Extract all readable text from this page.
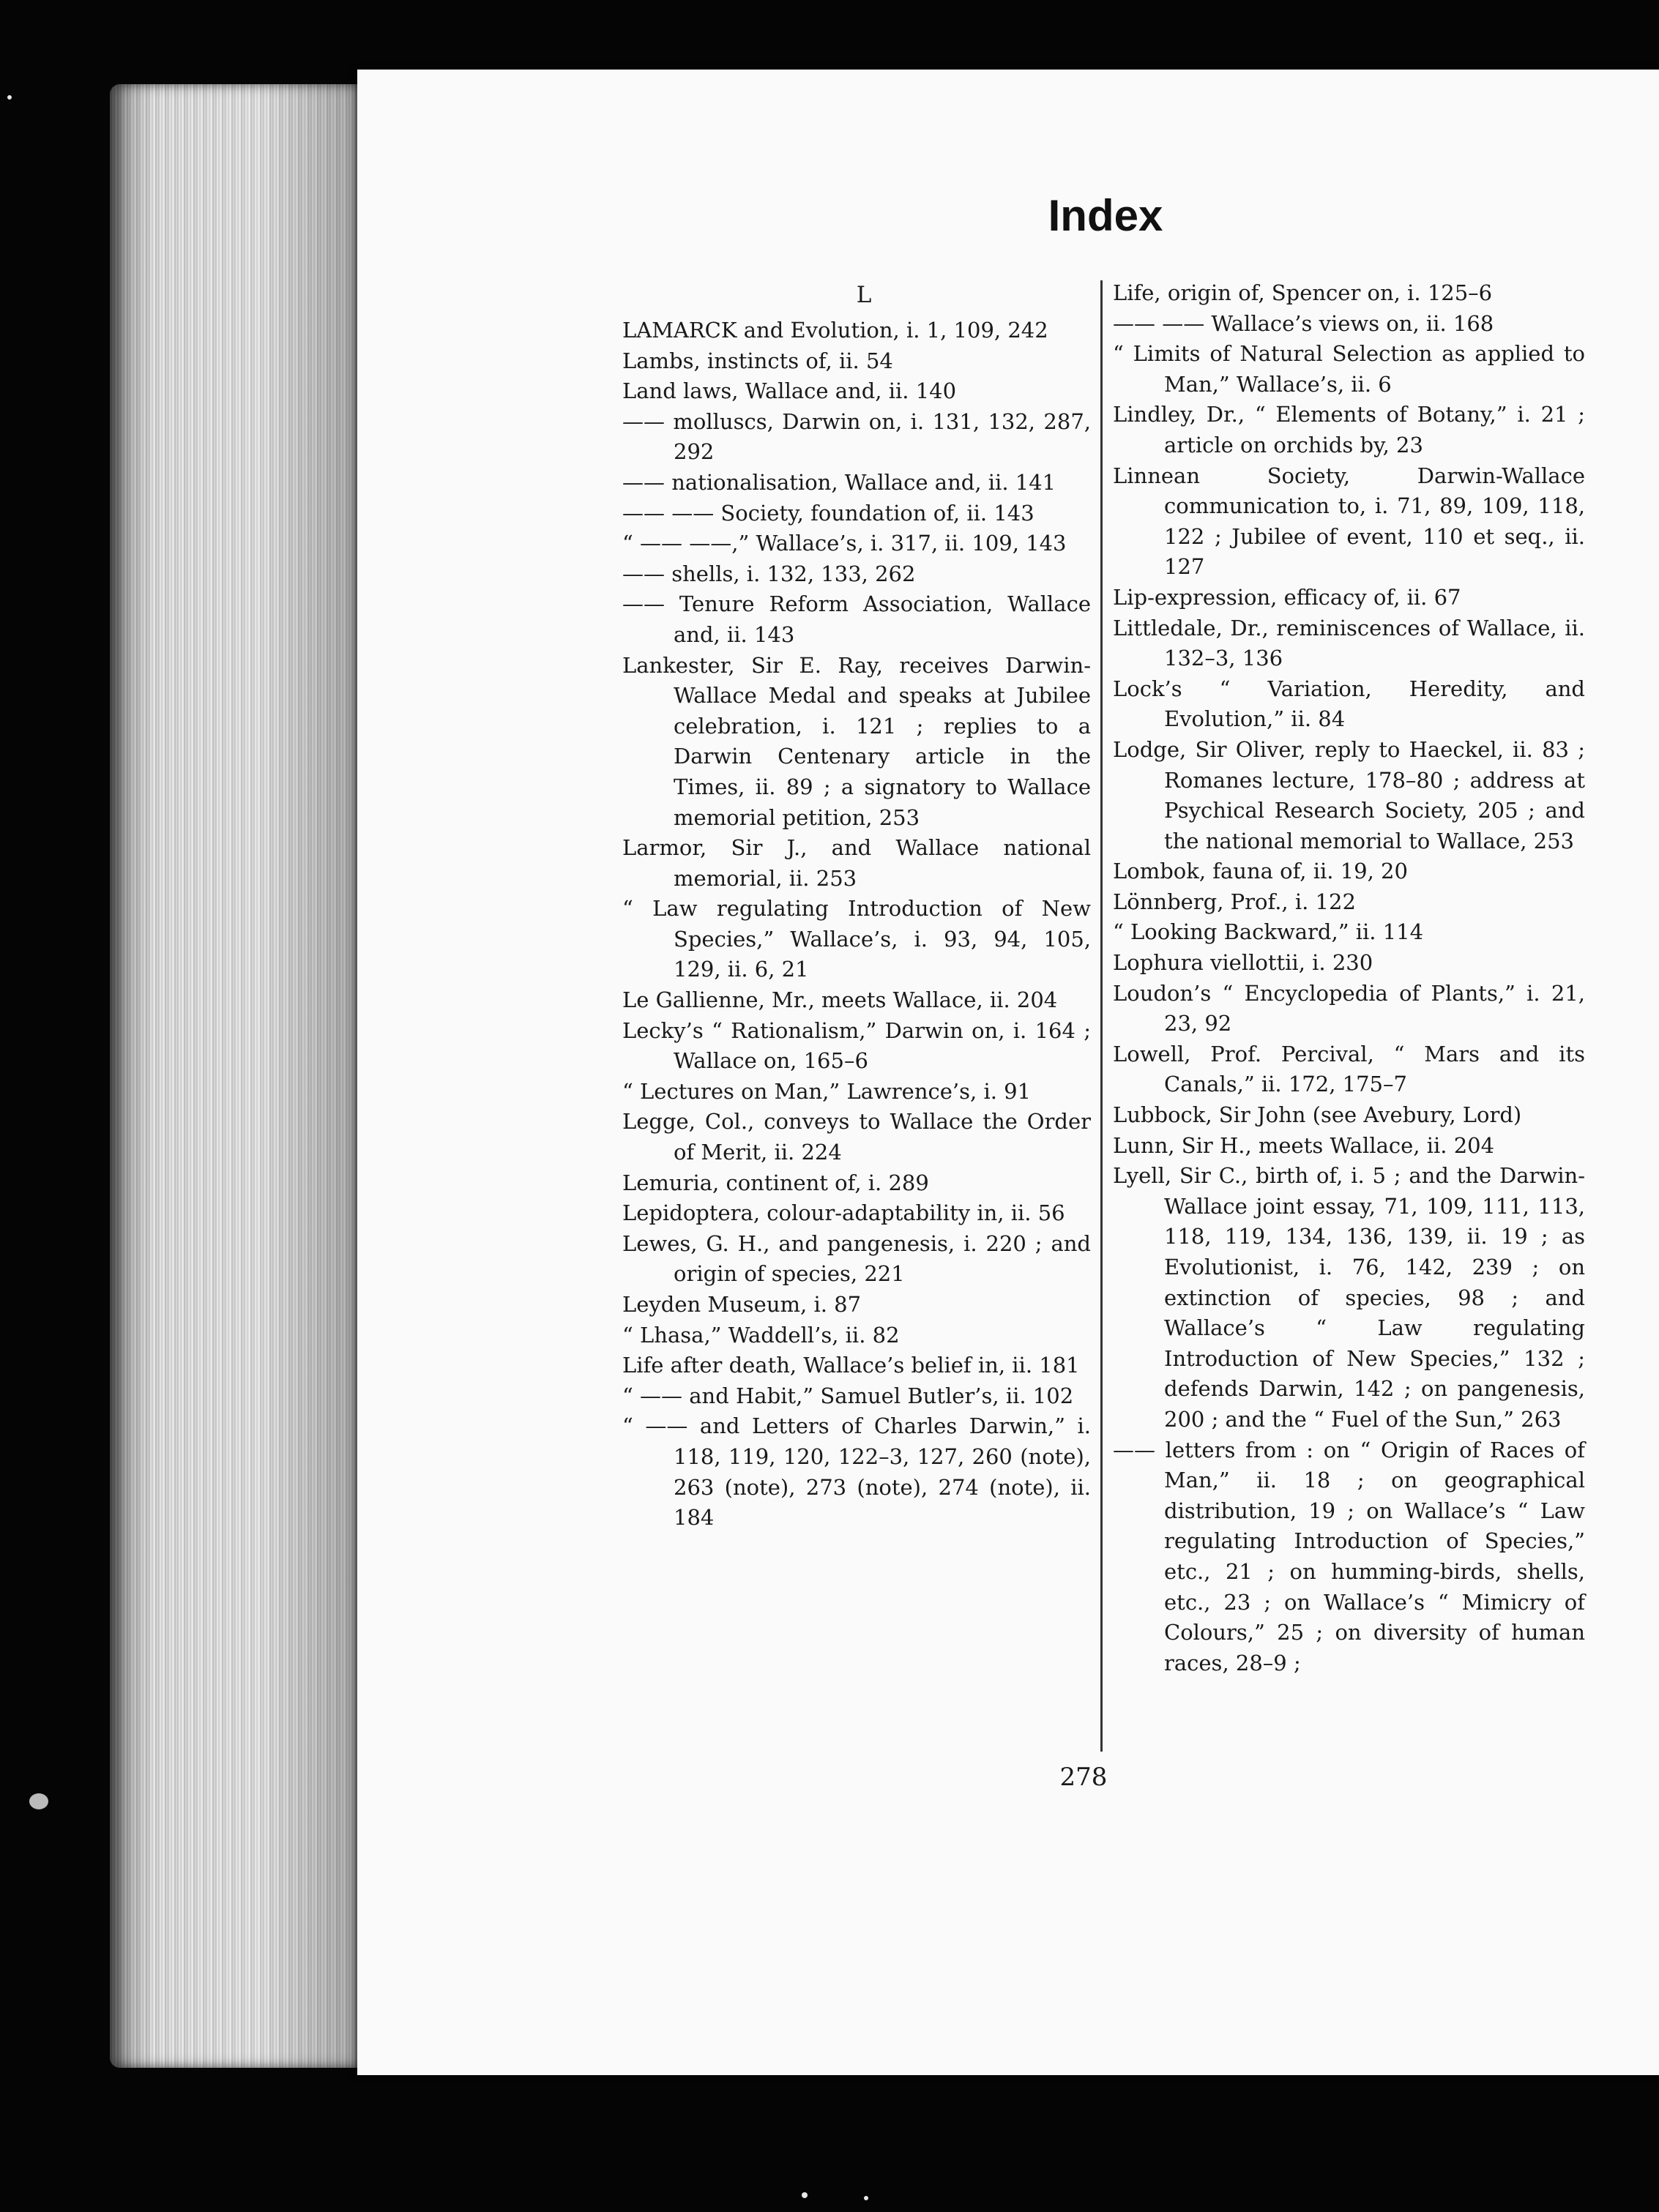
Index
L

LAMARCK and Evolution, i. 1, 109, 242

Lambs, instincts of, ii. 54

Land laws, Wallace and, ii. 140

—— molluscs, Darwin on, i. 131, 132, 287, 292

—— nationalisation, Wallace and, ii. 141

—— —— Society, foundation of, ii. 143

“ —— ——,” Wallace’s, i. 317, ii. 109, 143

—— shells, i. 132, 133, 262

—— Tenure Reform Association, Wallace and, ii. 143

Lankester, Sir E. Ray, receives Darwin-Wallace Medal and speaks at Jubilee celebration, i. 121 ; replies to a Darwin Centenary article in the Times, ii. 89 ; a signatory to Wallace memorial petition, 253

Larmor, Sir J., and Wallace national memorial, ii. 253

“ Law regulating Introduction of New Species,” Wallace’s, i. 93, 94, 105, 129, ii. 6, 21

Le Gallienne, Mr., meets Wallace, ii. 204

Lecky’s “ Rationalism,” Darwin on, i. 164 ; Wallace on, 165–6

“ Lectures on Man,” Lawrence’s, i. 91

Legge, Col., conveys to Wallace the Order of Merit, ii. 224

Lemuria, continent of, i. 289

Lepidoptera, colour-adaptability in, ii. 56

Lewes, G. H., and pangenesis, i. 220 ; and origin of species, 221

Leyden Museum, i. 87

“ Lhasa,” Waddell’s, ii. 82

Life after death, Wallace’s belief in, ii. 181

“ —— and Habit,” Samuel Butler’s, ii. 102

“ —— and Letters of Charles Darwin,” i. 118, 119, 120, 122–3, 127, 260 (note), 263 (note), 273 (note), 274 (note), ii. 184

Life, origin of, Spencer on, i. 125–6

—— —— Wallace’s views on, ii. 168

“ Limits of Natural Selection as applied to Man,” Wallace’s, ii. 6

Lindley, Dr., “ Elements of Botany,” i. 21 ; article on orchids by, 23

Linnean Society, Darwin-Wallace communication to, i. 71, 89, 109, 118, 122 ; Jubilee of event, 110 et seq., ii. 127

Lip-expression, efficacy of, ii. 67

Littledale, Dr., reminiscences of Wallace, ii. 132–3, 136

Lock’s “ Variation, Heredity, and Evolution,” ii. 84

Lodge, Sir Oliver, reply to Haeckel, ii. 83 ; Romanes lecture, 178–80 ; address at Psychical Research Society, 205 ; and the national memorial to Wallace, 253

Lombok, fauna of, ii. 19, 20

Lönnberg, Prof., i. 122

“ Looking Backward,” ii. 114

Lophura viellottii, i. 230

Loudon’s “ Encyclopedia of Plants,” i. 21, 23, 92

Lowell, Prof. Percival, “ Mars and its Canals,” ii. 172, 175–7

Lubbock, Sir John (see Avebury, Lord)

Lunn, Sir H., meets Wallace, ii. 204

Lyell, Sir C., birth of, i. 5 ; and the Darwin-Wallace joint essay, 71, 109, 111, 113, 118, 119, 134, 136, 139, ii. 19 ; as Evolutionist, i. 76, 142, 239 ; on extinction of species, 98 ; and Wallace’s “ Law regulating Introduction of New Species,” 132 ; defends Darwin, 142 ; on pangenesis, 200 ; and the “ Fuel of the Sun,” 263

—— letters from : on “ Origin of Races of Man,” ii. 18 ; on geographical distribution, 19 ; on Wallace’s “ Law regulating Introduction of Species,” etc., 21 ; on humming-birds, shells, etc., 23 ; on Wallace’s “ Mimicry of Colours,” 25 ; on diversity of human races, 28–9 ;

278
